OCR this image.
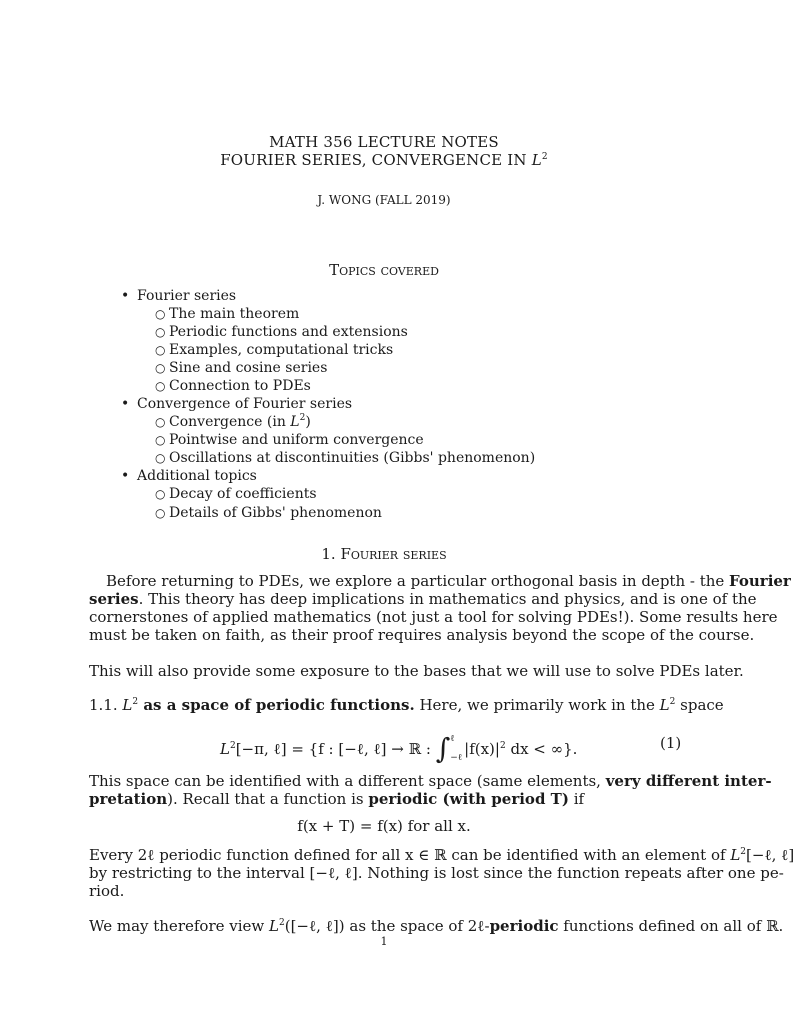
MATH 356 LECTURE NOTES
FOURIER SERIES, CONVERGENCE IN $L^2$
J. WONG (FALL 2019)
Topics covered
• Fourier series
○ The main theorem
○ Periodic functions and extensions
○ Examples, computational tricks
○ Sine and cosine series
○ Connection to PDEs
• Convergence of Fourier series
○ Convergence (in $L^2$)
○ Pointwise and uniform convergence
○ Oscillations at discontinuities (Gibbs' phenomenon)
• Additional topics
○ Decay of coefficients
○ Details of Gibbs' phenomenon
1. Fourier series
Before returning to PDEs, we explore a particular orthogonal basis in depth - the Fourier
series. This theory has deep implications in mathematics and physics, and is one of the
cornerstones of applied mathematics (not just a tool for solving PDEs!). Some results here
must be taken on faith, as their proof requires analysis beyond the scope of the course.
This will also provide some exposure to the bases that we will use to solve PDEs later.
1.1. $L^2$ as a space of periodic functions. Here, we primarily work in the $L^2$ space
$L^2[-\pi$, ℓ] = {f : [−ℓ, ℓ] → ℝ : ∫ ℓ
−ℓ $|f(x)|^2$ dx < ∞}.	(1)
This space can be identified with a different space (same elements, very different inter-
pretation). Recall that a function is periodic (with period T) if
f(x + T) = f(x) for all x.
Every 2ℓ periodic function defined for all x ∈ ℝ can be identified with an element of $L^2[-\ell$, ℓ]
by restricting to the interval [−ℓ, ℓ]. Nothing is lost since the function repeats after one pe-
riod.
We may therefore view $L^2([-\ell$, ℓ]) as the space of 2ℓ-periodic functions defined on all of ℝ.
1
